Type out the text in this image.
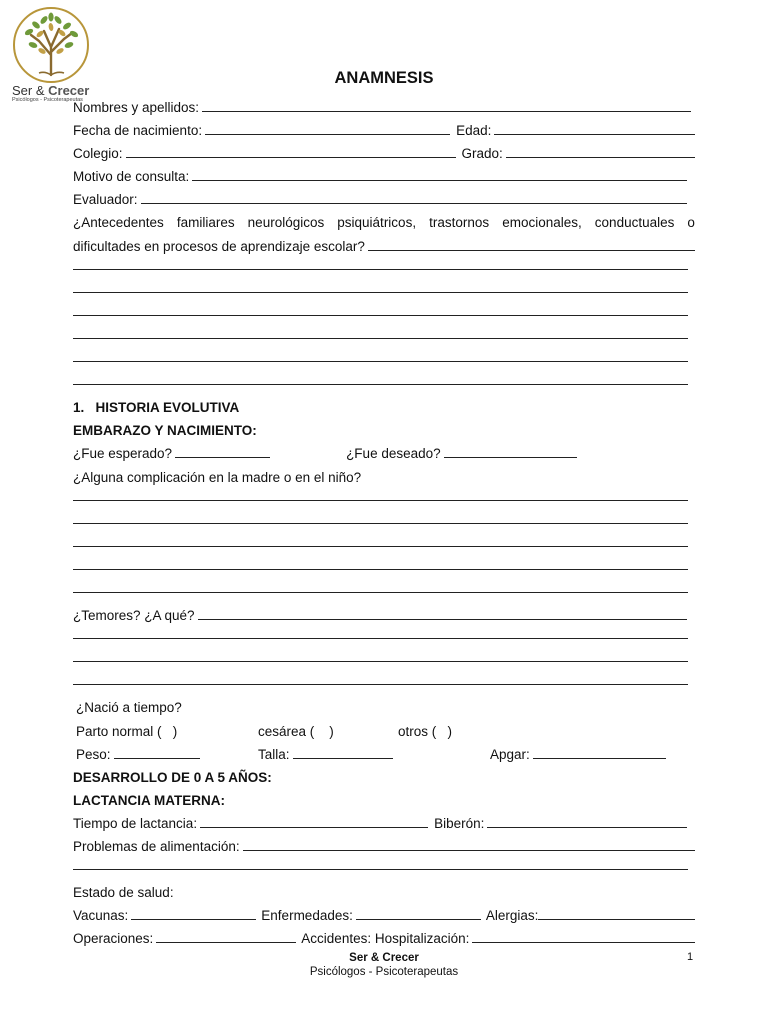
Ser & Crecer
Psicólogos - Psicoterapeutas
ANAMNESIS
Nombres y apellidos:
Fecha de nacimiento:	Edad:
Colegio:	Grado:
Motivo de consulta:
Evaluador:
¿Antecedentes familiares neurológicos psiquiátricos, trastornos emocionales, conductuales o
dificultades en procesos de aprendizaje escolar?
1.   HISTORIA EVOLUTIVA
EMBARAZO Y NACIMIENTO:
¿Fue esperado?	¿Fue deseado?
¿Alguna complicación en la madre o en el niño?
¿Temores? ¿A qué?
¿Nació a tiempo?
Parto normal (   )	cesárea (    )	otros (   )
Peso:	Talla:	Apgar:
DESARROLLO DE 0 A 5 AÑOS:
LACTANCIA MATERNA:
Tiempo de lactancia:	Biberón:
Problemas de alimentación:
Estado de salud:
Vacunas:	Enfermedades:	Alergias:
Operaciones:	Accidentes: Hospitalización:
Ser & Crecer
Psicólogos - Psicoterapeutas
1
